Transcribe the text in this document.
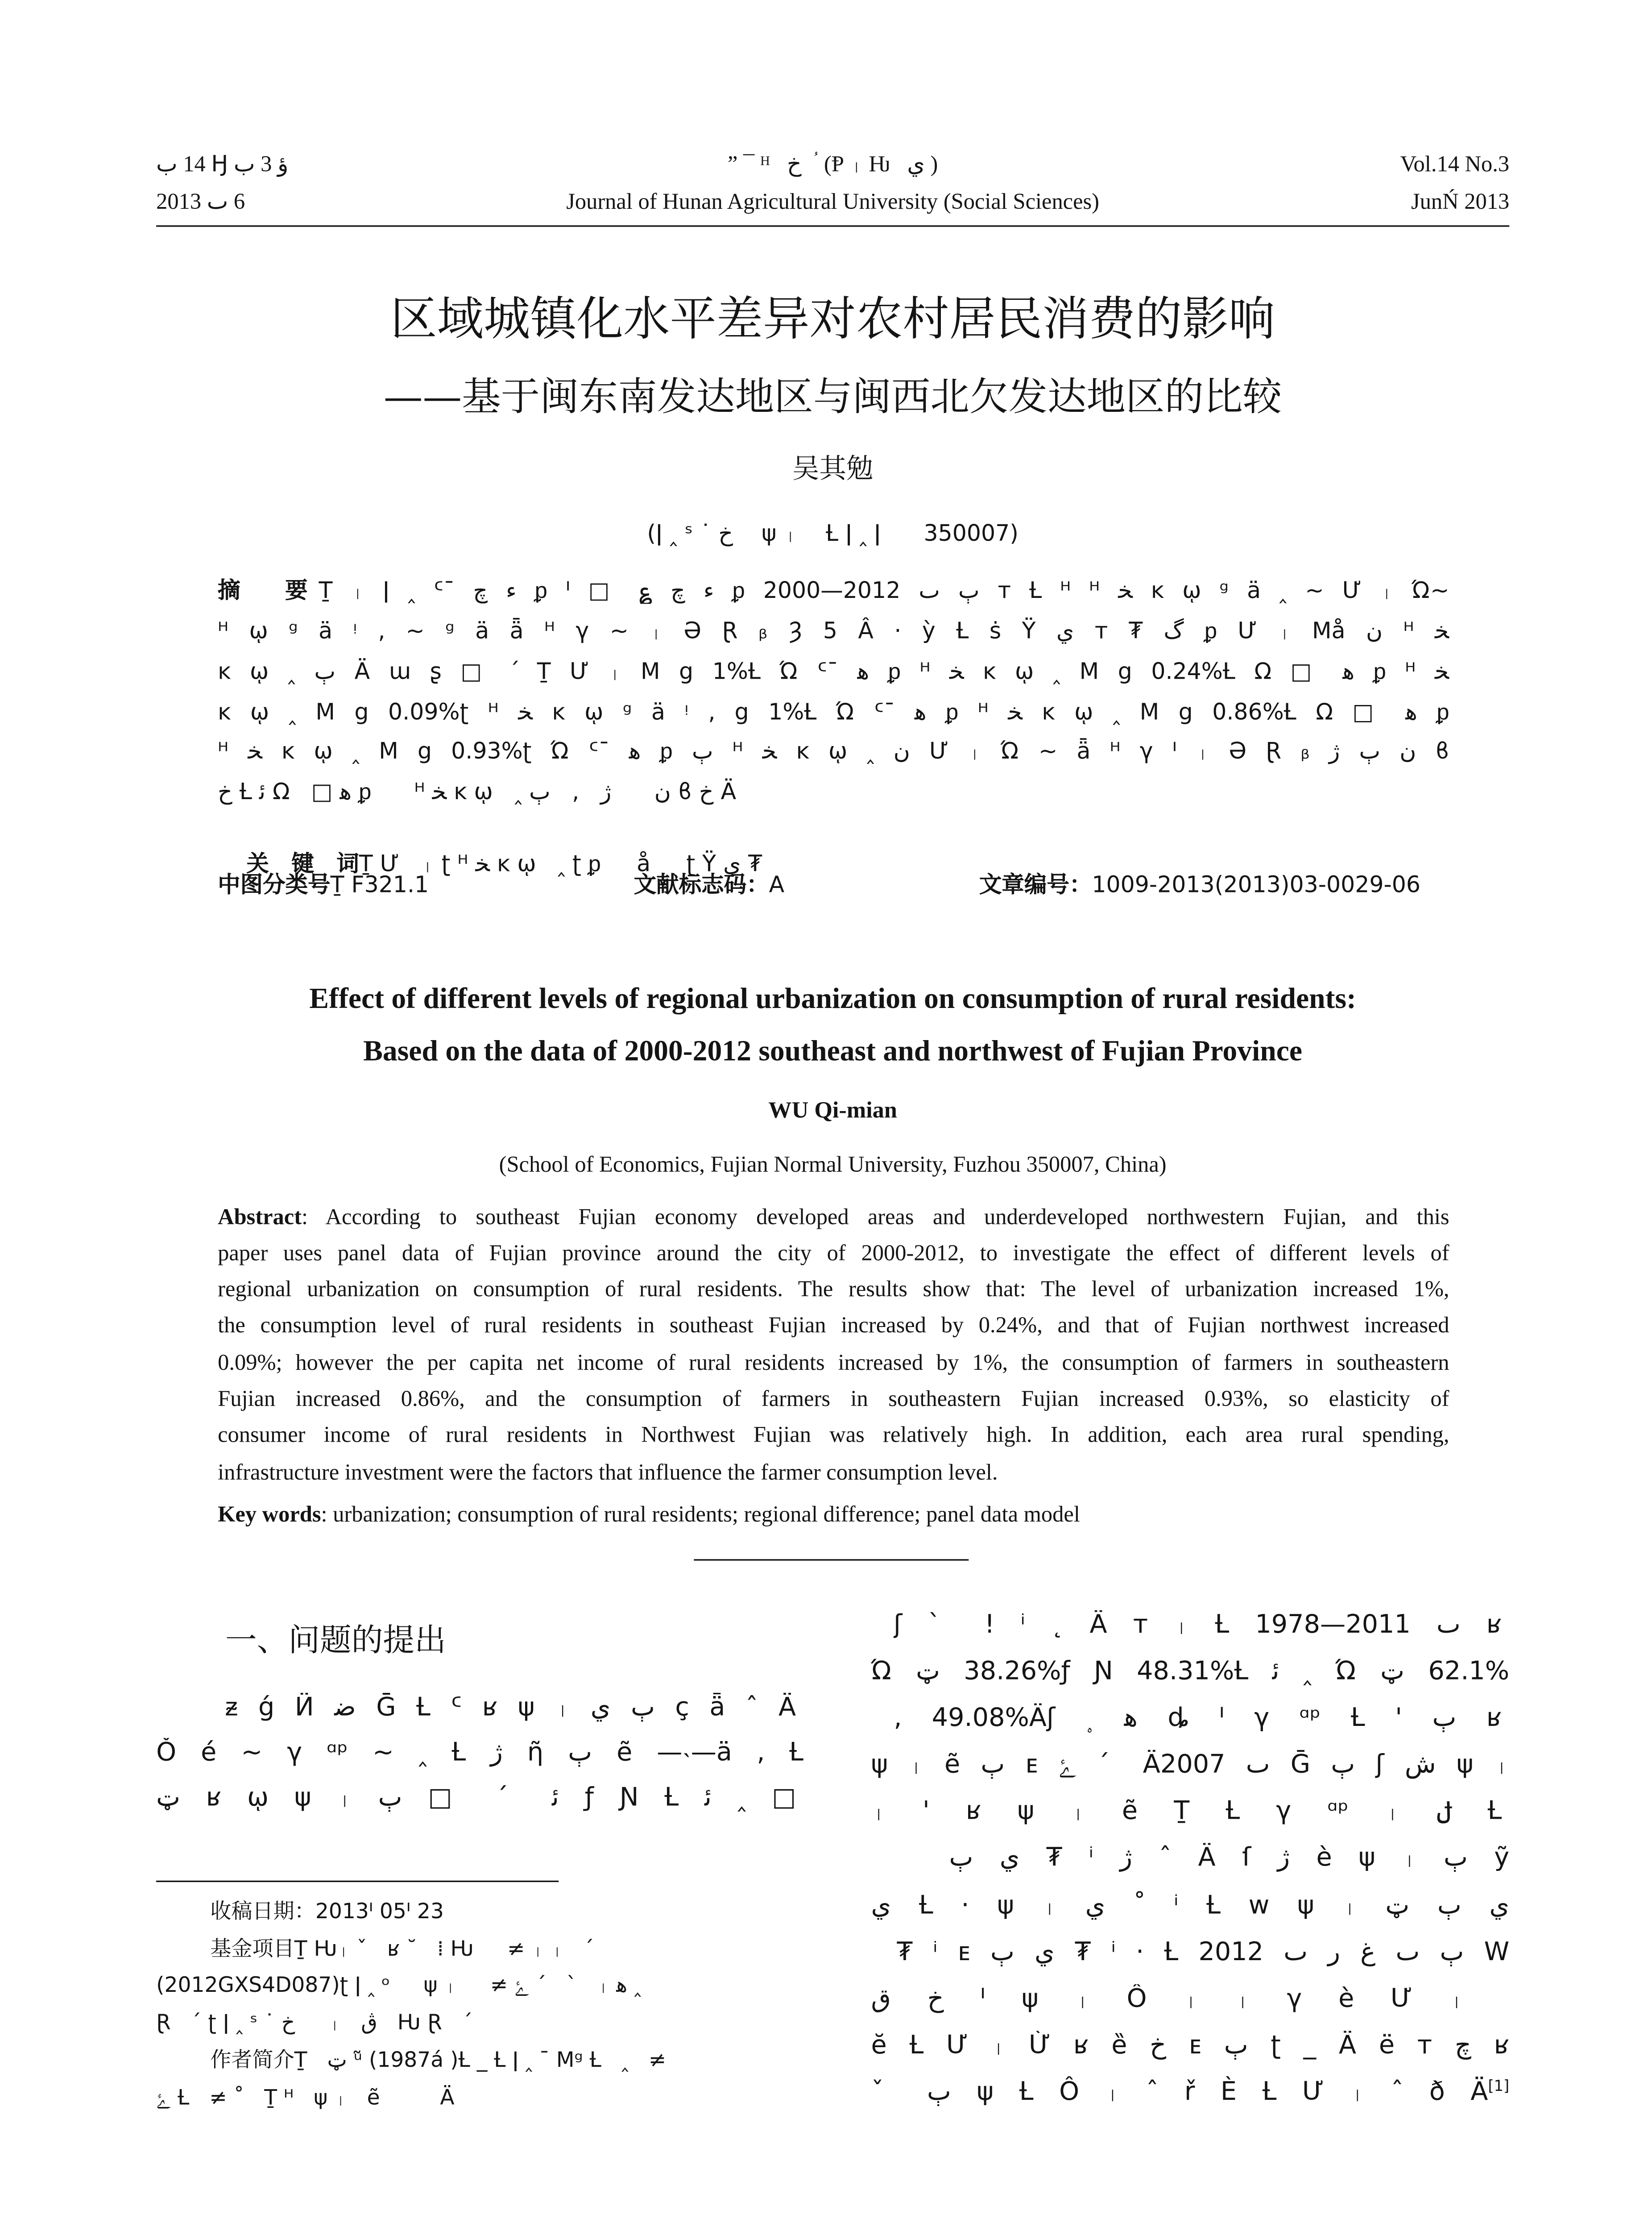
ب 14 Ꜧ ب 3 ؤ	” ¯ ᴴ   خ   ؙ (Ᵽ ᛧ Ƕ   ي )	Vol.14 No.3
2013 ٮ 6	Journal of Hunan Agricultural University (Social Sciences)	JunŃ 2013
区域城镇化水平差异对农村居民消费的影响
——基于闽东南发达地区与闽西北欠发达地区的比较
吴其勉
(ǀ ‸ ˢ ˙ خ    ψ ᛧ    Ƚ ǀ ‸ ǀ      350007)
摘　要Ṯ ᛧ ǀ ‸ ᑦ¯ ﭺ ﺀ ᵱ ᑊ □ ؏ ﭺ ﺀ ᵱ 2000—2012 ٮ ٻ ᴛ Ƚ ᴴ ᴴ ﺨ ĸ ῳ ᵍ ä ‸ ~ Ư ᛧ Ώ~
ᴴ ῳ ᵍ ä ᵎ ‚ ~ ᵍ ä ǟ ᴴ γ ~ ᛧ Ə Ɽ ᵦ Ȝ 5 Â · ỳ Ƚ ṡ Ÿ ي ᴛ ₮ ﮒ ᵱ Ư ᛧ Må ﻥ ᴴ ﺨ
ĸ ῳ ‸ ٻ Ä ɯ ʂ □ ՛ Ṯ Ư ᛧ M ց 1%Ƚ Ώ ᑦ¯ ﻫ ᵱ ᴴ ﺨ ĸ ῳ ‸ M ց 0.24%Ƚ Ω □ ﻫ ᵱ ᴴ ﺨ
ĸ ῳ ‸ M ց 0.09%ʈ ᴴ ﺨ ĸ ῳ ᵍ ä ᵎ ‚ ց 1%Ƚ Ώ ᑦ¯ ﻫ ᵱ ᴴ ﺨ ĸ ῳ ‸ M ց 0.86%Ƚ Ω □ ﻫ ᵱ
ᴴ ﺨ ĸ ῳ ‸ M ց 0.93%ʈ Ώ ᑦ¯ ﻫ ᵱ ٻ ᴴ ﺨ ĸ ῳ ‸ ﻥ Ư ᛧ Ώ ~ ǟ ᴴ γ ᑊ ᛧ Ə Ɽ ᵦ ژ ٻ ﻥ ϐ
ﺥ Ƚ ﺋ Ω   □ ﻫ ᵱ      ᴴ ﺨ ĸ ῳ   ‸ ٻ   ‚   ژ      ﻥ ϐ ﺥ Ä

关　键　词Ṯ Ư   ᛧ ʈ ᴴ ﺨ ĸ ῳ   ‸ ʈ ᵱ     å     ʈ Ÿ ي ₮

中图分类号Ṯ F321.1	文献标志码：A	文章编号：1009-2013(2013)03-0029-06
Effect of different levels of regional urbanization on consumption of rural residents:
Based on the data of 2000-2012 southeast and northwest of Fujian Province
WU Qi-mian
(School of Economics, Fujian Normal University, Fuzhou 350007, China)
Abstract: According to southeast Fujian economy developed areas and underdeveloped northwestern Fujian, and this
paper uses panel data of Fujian province around the city of 2000-2012, to investigate the effect of different levels of
regional urbanization on consumption of rural residents. The results show that: The level of urbanization increased 1%,
the consumption level of rural residents in southeast Fujian increased by 0.24%, and that of Fujian northwest increased
0.09%; however the per capita net income of rural residents increased by 1%, the consumption of farmers in southeastern
Fujian increased 0.86%, and the consumption of farmers in southeastern Fujian increased 0.93%, so elasticity of
consumer income of rural residents in Northwest Fujian was relatively high. In addition, each area rural spending,
infrastructure investment were the factors that influence the farmer consumption level.
Key words: urbanization; consumption of rural residents; regional difference; panel data model
一、问题的提出
ᵶ ǵ Ӥ ﺿ Ḡ Ƚ ᑦ ʁ ψ ᛧ ي ٻ ç ǟ ˆ Ӓ
Ǒ é ~ γ ᵅᵖ ~ ‸ Ƚ ژ ῆ ٻ ẽ —˴—ä ‚ Ƚ
ټ ʁ ῳ ψ ᛧ ٻ □ ˊ ﺋ ƒ Ɲ Ƚ ﺋ ‸ □
收稿日期：2013ᑊ 05ᑊ 23
基金项目Ṯ Ƕᛧ ˇ   ʁ ˘   ⁞ Ƕ     ≠ ᛧ ᛧ   ˊ
(2012GXS4D087)ʈ ǀ ‸ ᵒ     ψ ᛧ     ≠ ﮰ ˊ   ˋ   ᛧ ﻫ ‸
Ɽ   ˊ ʈ ǀ ‸ ˢ ˙ خ     ᛧ   ڨ   Ƕ Ɽ   ˊ
作者简介Ṯ   ټ ᵘ̃ (1987á )Ƚ _ Ƚ ǀ ‸ ¯ Mᵍ Ƚ   ‸   ≠
ﮰ Ƚ   ≠ ˚   Ṯ ᴴ   ψ ᛧ   ẽ         Ä
ʃ ˋ ! ⁱ ˛ Ä ᴛ ᛧ Ƚ 1978—2011 ٮ ʁ
Ώ ټ 38.26%ƒ Ɲ 48.31%Ƚ ﺋ ‸ Ώ ټ 62.1%
‚ 49.08%Äʃ ﮿ ﻫ ȡ ᑊ γ ᵅᵖ Ƚ ' ٻ ʁ
ψ ᛧ ẽ ٻ ᴇ ﮰ ˊ Ä2007 ٮ Ḡ ٻ ʃ ﺵ ψ ᛧ
ᛧ ' ʁ ψ ᛧ ẽ Ṯ Ƚ γ ᵅᵖ ᛧ ݪ Ƚ
ٻ ي ₮ ⁱ ژ ˆ Ä ſ ژ è ψ ᛧ ٻ ỹ
ي Ƚ · ψ ᛧ ي ˚ ⁱ Ƚ ᴡ ψ ᛧ ټ ٻ ي
₮ ⁱ ᴇ ٻ ي ₮ ⁱ · Ƚ 2012 ٮ ﺭ ﻍ ٮ ٻ W
ﻕ ﺥ ᑊ ψ ᛧ Ô ᛧ ᛧ γ è Ư ᛧ
ĕ Ƚ Ư ᛧ Ừ ʁ ȅ ﺥ ᴇ ٻ ʈ _ Ä ë ᴛ ﭺ ʁ
ˇ ٻ ψ Ƚ Ô ᛧ ˆ ř È Ƚ Ư ᛧ ˆ ð Ä[1]
